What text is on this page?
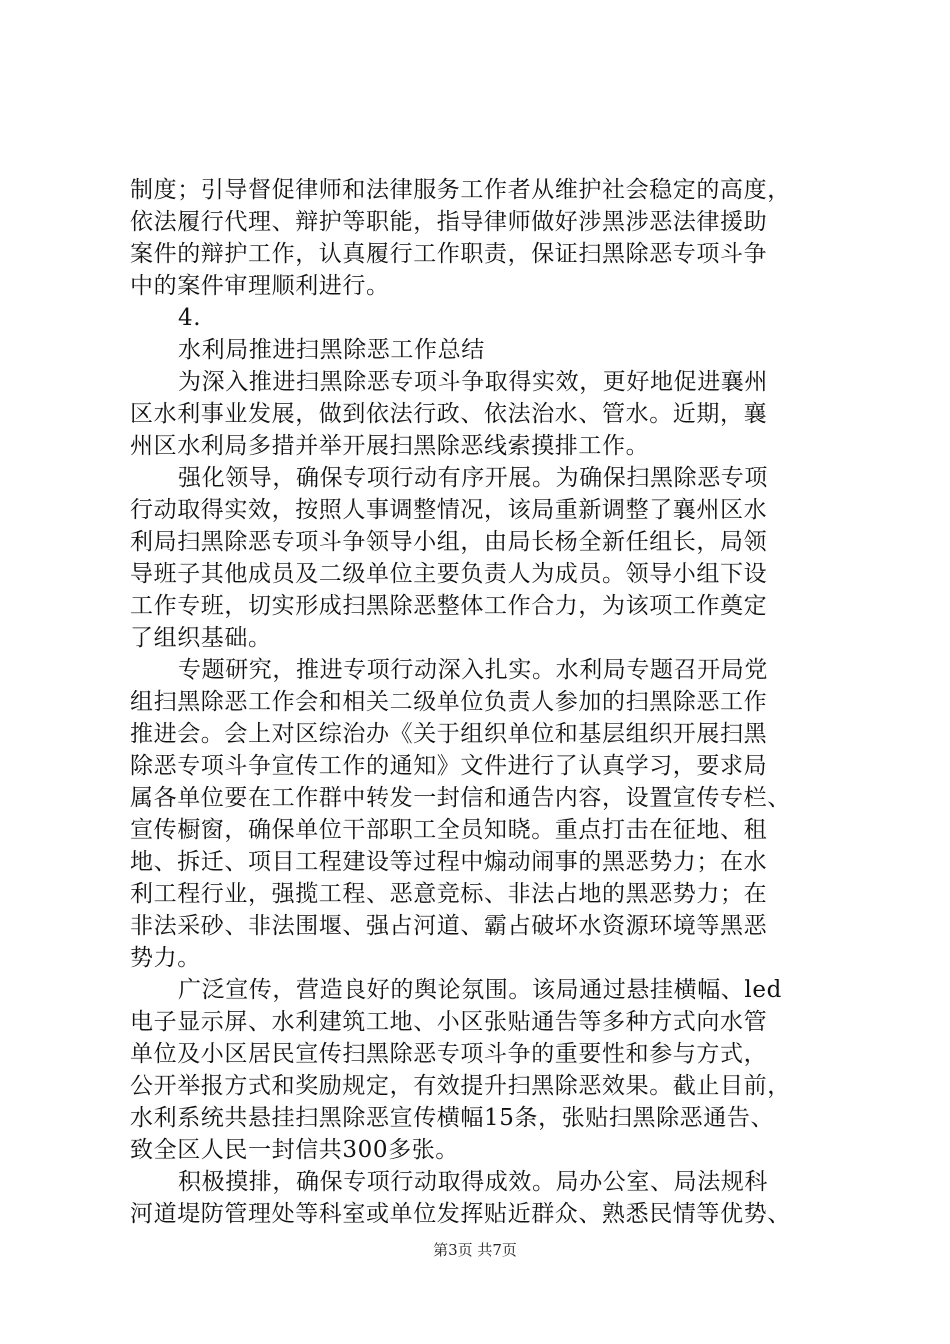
制度；引导督促律师和法律服务工作者从维护社会稳定的高度，
依法履行代理、辩护等职能，指导律师做好涉黑涉恶法律援助
案件的辩护工作，认真履行工作职责，保证扫黑除恶专项斗争
中的案件审理顺利进行。
4.
水利局推进扫黑除恶工作总结
为深入推进扫黑除恶专项斗争取得实效，更好地促进襄州
区水利事业发展，做到依法行政、依法治水、管水。近期，襄
州区水利局多措并举开展扫黑除恶线索摸排工作。
强化领导，确保专项行动有序开展。为确保扫黑除恶专项
行动取得实效，按照人事调整情况，该局重新调整了襄州区水
利局扫黑除恶专项斗争领导小组，由局长杨全新任组长，局领
导班子其他成员及二级单位主要负责人为成员。领导小组下设
工作专班，切实形成扫黑除恶整体工作合力，为该项工作奠定
了组织基础。
专题研究，推进专项行动深入扎实。水利局专题召开局党
组扫黑除恶工作会和相关二级单位负责人参加的扫黑除恶工作
推进会。会上对区综治办《关于组织单位和基层组织开展扫黑
除恶专项斗争宣传工作的通知》文件进行了认真学习，要求局
属各单位要在工作群中转发一封信和通告内容，设置宣传专栏、
宣传橱窗，确保单位干部职工全员知晓。重点打击在征地、租
地、拆迁、项目工程建设等过程中煽动闹事的黑恶势力；在水
利工程行业，强揽工程、恶意竞标、非法占地的黑恶势力；在
非法采砂、非法围堰、强占河道、霸占破坏水资源环境等黑恶
势力。
广泛宣传，营造良好的舆论氛围。该局通过悬挂横幅、led
电子显示屏、水利建筑工地、小区张贴通告等多种方式向水管
单位及小区居民宣传扫黑除恶专项斗争的重要性和参与方式，
公开举报方式和奖励规定，有效提升扫黑除恶效果。截止目前，
水利系统共悬挂扫黑除恶宣传横幅15条，张贴扫黑除恶通告、
致全区人民一封信共300多张。
积极摸排，确保专项行动取得成效。局办公室、局法规科
河道堤防管理处等科室或单位发挥贴近群众、熟悉民情等优势、
第3页 共7页
